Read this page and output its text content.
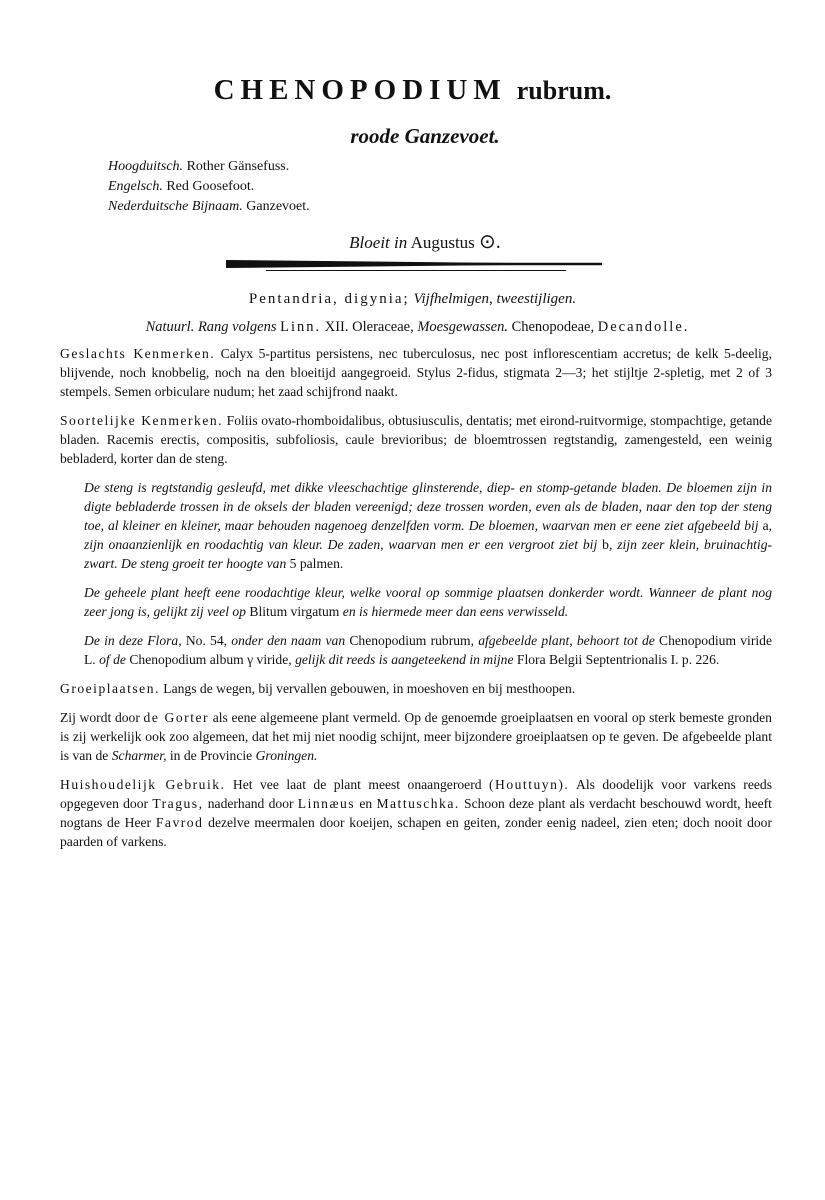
CHENOPODIUM rubrum.
roode Ganzevoet.
Hoogduitsch. Rother Gänsefuss.
Engelsch. Red Goosefoot.
Nederduitsche Bijnaam. Ganzevoet.
Bloeit in Augustus ⊙.
Pentandria, digynia; Vijfhelmigen, tweestijligen.
Natuurl. Rang volgens Linn. XII. Oleraceae, Moesgewassen. Chenopodeae, Decandolle.

Geslachts Kenmerken. Calyx 5-partitus persistens, nec tuberculosus, nec post inflorescentiam accretus; de kelk 5-deelig, blijvende, noch knobbelig, noch na den bloeitijd aangegroeid. Stylus 2-fidus, stigmata 2—3; het stijltje 2-spletig, met 2 of 3 stempels. Semen orbiculare nudum; het zaad schijfrond naakt.

Soortelijke Kenmerken. Foliis ovato-rhomboidalibus, obtusiusculis, dentatis; met eirond-ruitvormige, stompachtige, getande bladen. Racemis erectis, compositis, subfoliosis, caule brevioribus; de bloemtrossen regtstandig, zamengesteld, een weinig bebladerd, korter dan de steng.

De steng is regtstandig gesleufd, met dikke vleeschachtige glinsterende, diep- en stomp-getande bladen. De bloemen zijn in digte bebladerde trossen in de oksels der bladen vereenigd; deze trossen worden, even als de bladen, naar den top der steng toe, al kleiner en kleiner, maar behouden nagenoeg denzelfden vorm. De bloemen, waarvan men er eene ziet afgebeeld bij a, zijn onaanzienlijk en roodachtig van kleur. De zaden, waarvan men er een vergroot ziet bij b, zijn zeer klein, bruinachtig-zwart. De steng groeit ter hoogte van 5 palmen.

De geheele plant heeft eene roodachtige kleur, welke vooral op sommige plaatsen donkerder wordt. Wanneer de plant nog zeer jong is, gelijkt zij veel op Blitum virgatum en is hiermede meer dan eens verwisseld.

De in deze Flora, No. 54, onder den naam van Chenopodium rubrum, afgebeelde plant, behoort tot de Chenopodium viride L. of de Chenopodium album γ viride, gelijk dit reeds is aangeteekend in mijne Flora Belgii Septentrionalis I. p. 226.

Groeiplaatsen. Langs de wegen, bij vervallen gebouwen, in moeshoven en bij mesthoopen.

Zij wordt door de Gorter als eene algemeene plant vermeld. Op de genoemde groeiplaatsen en vooral op sterk bemeste gronden is zij werkelijk ook zoo algemeen, dat het mij niet noodig schijnt, meer bijzondere groeiplaatsen op te geven. De afgebeelde plant is van de Scharmer, in de Provincie Groningen.

Huishoudelijk Gebruik. Het vee laat de plant meest onaangeroerd (Houttuyn). Als doodelijk voor varkens reeds opgegeven door Tragus, naderhand door Linnæus en Mattuschka. Schoon deze plant als verdacht beschouwd wordt, heeft nogtans de Heer Favrod dezelve meermalen door koeijen, schapen en geiten, zonder eenig nadeel, zien eten; doch nooit door paarden of varkens.
